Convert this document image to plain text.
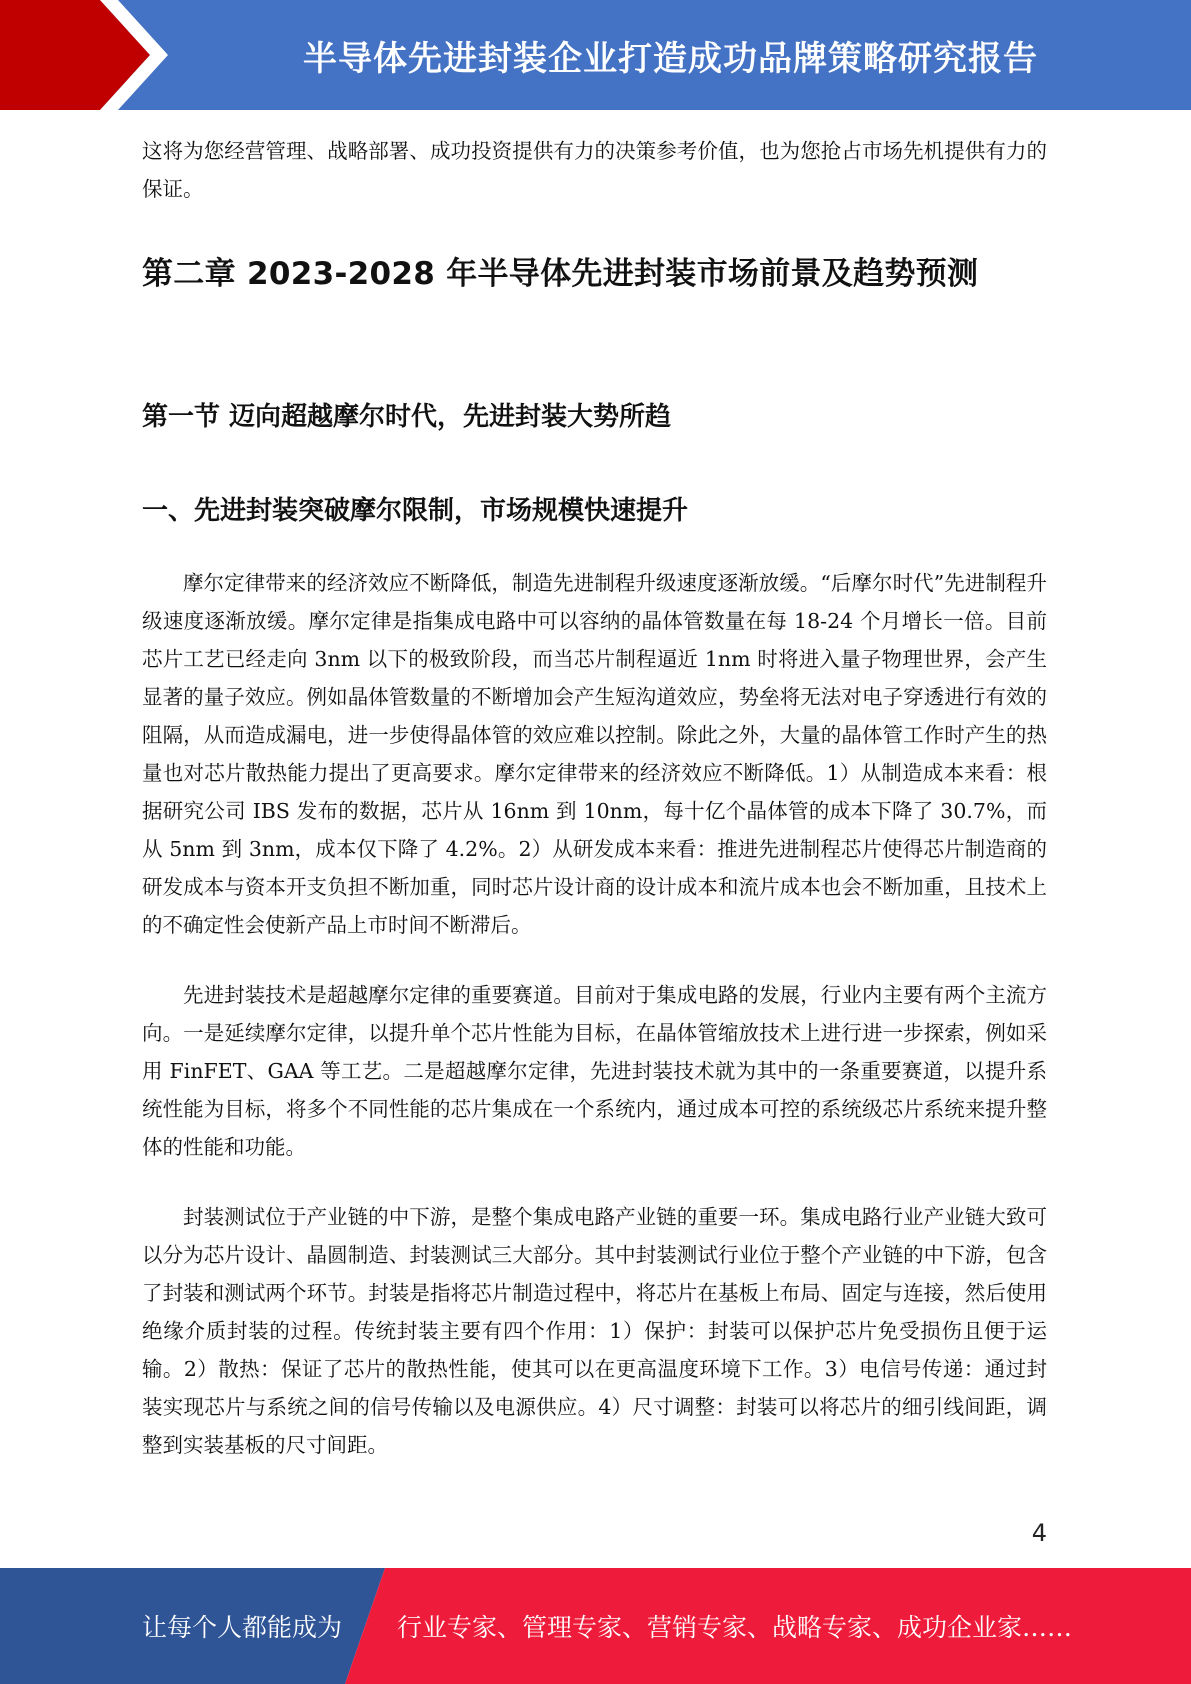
半导体先进封装企业打造成功品牌策略研究报告

这将为您经营管理、战略部署、成功投资提供有力的决策参考价值，也为您抢占市场先机提供有力的保证。

第二章 2023-2028 年半导体先进封装市场前景及趋势预测
第一节 迈向超越摩尔时代，先进封装大势所趋
一、先进封装突破摩尔限制，市场规模快速提升

摩尔定律带来的经济效应不断降低，制造先进制程升级速度逐渐放缓。“后摩尔时代”先进制程升级速度逐渐放缓。摩尔定律是指集成电路中可以容纳的晶体管数量在每 18-24 个月增长一倍。目前芯片工艺已经走向 3nm 以下的极致阶段，而当芯片制程逼近 1nm 时将进入量子物理世界，会产生显著的量子效应。例如晶体管数量的不断增加会产生短沟道效应，势垒将无法对电子穿透进行有效的阻隔，从而造成漏电，进一步使得晶体管的效应难以控制。除此之外，大量的晶体管工作时产生的热量也对芯片散热能力提出了更高要求。摩尔定律带来的经济效应不断降低。1）从制造成本来看：根据研究公司 IBS 发布的数据，芯片从 16nm 到 10nm，每十亿个晶体管的成本下降了 30.7%，而从 5nm 到 3nm，成本仅下降了 4.2%。2）从研发成本来看：推进先进制程芯片使得芯片制造商的研发成本与资本开支负担不断加重，同时芯片设计商的设计成本和流片成本也会不断加重，且技术上的不确定性会使新产品上市时间不断滞后。

先进封装技术是超越摩尔定律的重要赛道。目前对于集成电路的发展，行业内主要有两个主流方向。一是延续摩尔定律，以提升单个芯片性能为目标，在晶体管缩放技术上进行进一步探索，例如采用 FinFET、GAA 等工艺。二是超越摩尔定律，先进封装技术就为其中的一条重要赛道，以提升系统性能为目标，将多个不同性能的芯片集成在一个系统内，通过成本可控的系统级芯片系统来提升整体的性能和功能。

封装测试位于产业链的中下游，是整个集成电路产业链的重要一环。集成电路行业产业链大致可以分为芯片设计、晶圆制造、封装测试三大部分。其中封装测试行业位于整个产业链的中下游，包含了封装和测试两个环节。封装是指将芯片制造过程中，将芯片在基板上布局、固定与连接，然后使用绝缘介质封装的过程。传统封装主要有四个作用：1）保护：封装可以保护芯片免受损伤且便于运输。2）散热：保证了芯片的散热性能，使其可以在更高温度环境下工作。3）电信号传递：通过封装实现芯片与系统之间的信号传输以及电源供应。4）尺寸调整：封装可以将芯片的细引线间距，调整到实装基板的尺寸间距。

4
让每个人都能成为 行业专家、管理专家、营销专家、战略专家、成功企业家……
